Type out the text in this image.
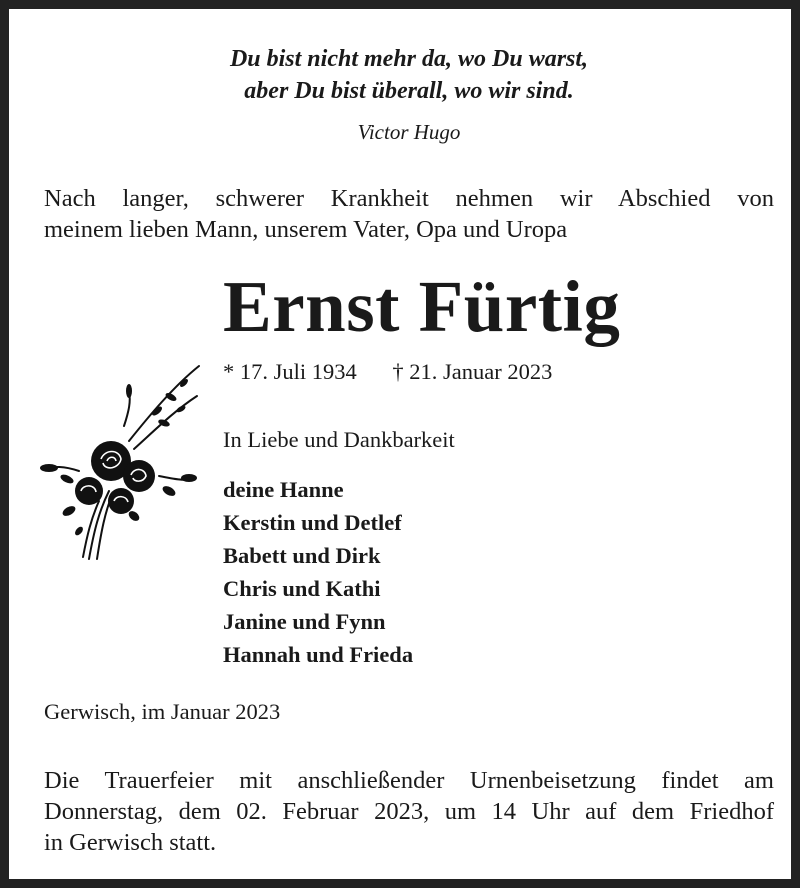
Du bist nicht mehr da, wo Du warst,
aber Du bist überall, wo wir sind.
Victor Hugo
Nach langer, schwerer Krankheit nehmen wir Abschied von
meinem lieben Mann, unserem Vater, Opa und Uropa
Ernst Fürtig
* 17. Juli 1934 † 21. Januar 2023
In Liebe und Dankbarkeit
deine Hanne
Kerstin und Detlef
Babett und Dirk
Chris und Kathi
Janine und Fynn
Hannah und Frieda
Gerwisch, im Januar 2023
Die Trauerfeier mit anschließender Urnenbeisetzung findet am
Donnerstag, dem 02. Februar 2023, um 14 Uhr auf dem Friedhof
in Gerwisch statt.
